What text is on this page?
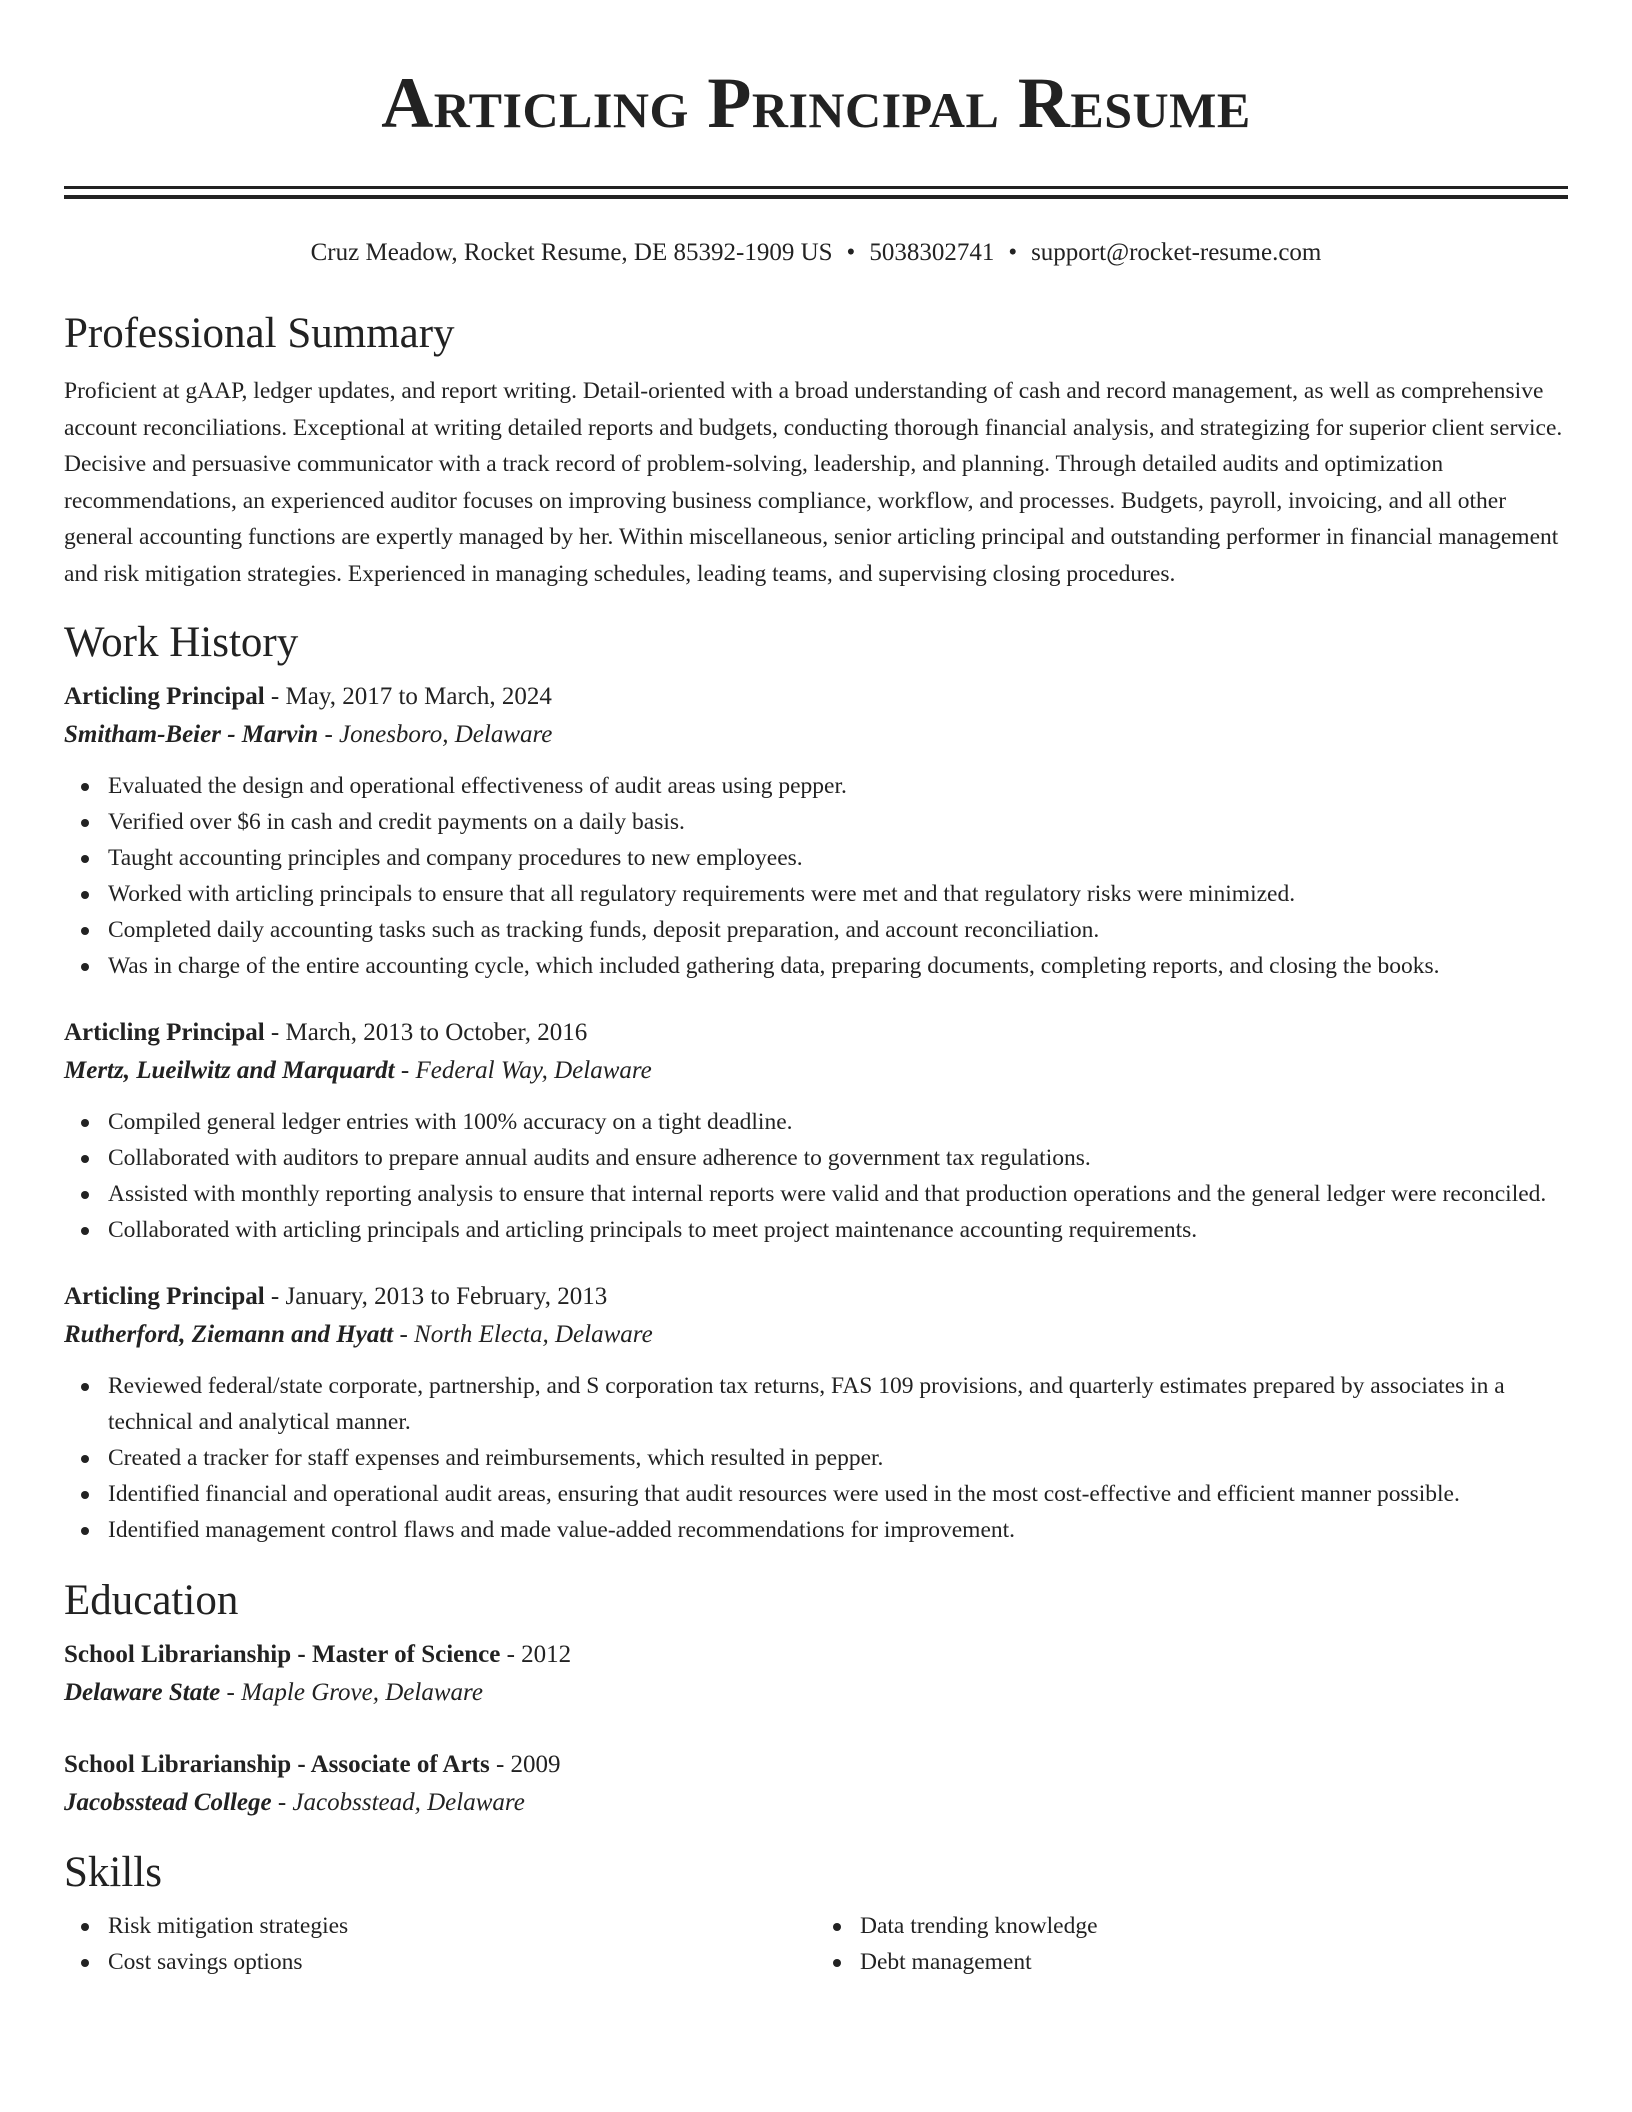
Articling Principal Resume
Cruz Meadow, Rocket Resume, DE 85392-1909 US • 5038302741 • support@rocket-resume.com
Professional Summary
Proficient at gAAP, ledger updates, and report writing. Detail-oriented with a broad understanding of cash and record management, as well as comprehensive account reconciliations. Exceptional at writing detailed reports and budgets, conducting thorough financial analysis, and strategizing for superior client service. Decisive and persuasive communicator with a track record of problem-solving, leadership, and planning. Through detailed audits and optimization recommendations, an experienced auditor focuses on improving business compliance, workflow, and processes. Budgets, payroll, invoicing, and all other general accounting functions are expertly managed by her. Within miscellaneous, senior articling principal and outstanding performer in financial management and risk mitigation strategies. Experienced in managing schedules, leading teams, and supervising closing procedures.
Work History
Articling Principal - May, 2017 to March, 2024
Smitham-Beier - Marvin - Jonesboro, Delaware
Evaluated the design and operational effectiveness of audit areas using pepper.
Verified over $6 in cash and credit payments on a daily basis.
Taught accounting principles and company procedures to new employees.
Worked with articling principals to ensure that all regulatory requirements were met and that regulatory risks were minimized.
Completed daily accounting tasks such as tracking funds, deposit preparation, and account reconciliation.
Was in charge of the entire accounting cycle, which included gathering data, preparing documents, completing reports, and closing the books.
Articling Principal - March, 2013 to October, 2016
Mertz, Lueilwitz and Marquardt - Federal Way, Delaware
Compiled general ledger entries with 100% accuracy on a tight deadline.
Collaborated with auditors to prepare annual audits and ensure adherence to government tax regulations.
Assisted with monthly reporting analysis to ensure that internal reports were valid and that production operations and the general ledger were reconciled.
Collaborated with articling principals and articling principals to meet project maintenance accounting requirements.
Articling Principal - January, 2013 to February, 2013
Rutherford, Ziemann and Hyatt - North Electa, Delaware
Reviewed federal/state corporate, partnership, and S corporation tax returns, FAS 109 provisions, and quarterly estimates prepared by associates in a technical and analytical manner.
Created a tracker for staff expenses and reimbursements, which resulted in pepper.
Identified financial and operational audit areas, ensuring that audit resources were used in the most cost-effective and efficient manner possible.
Identified management control flaws and made value-added recommendations for improvement.
Education
School Librarianship - Master of Science - 2012
Delaware State - Maple Grove, Delaware
School Librarianship - Associate of Arts - 2009
Jacobsstead College - Jacobsstead, Delaware
Skills
Risk mitigation strategies
Cost savings options
Data trending knowledge
Debt management
